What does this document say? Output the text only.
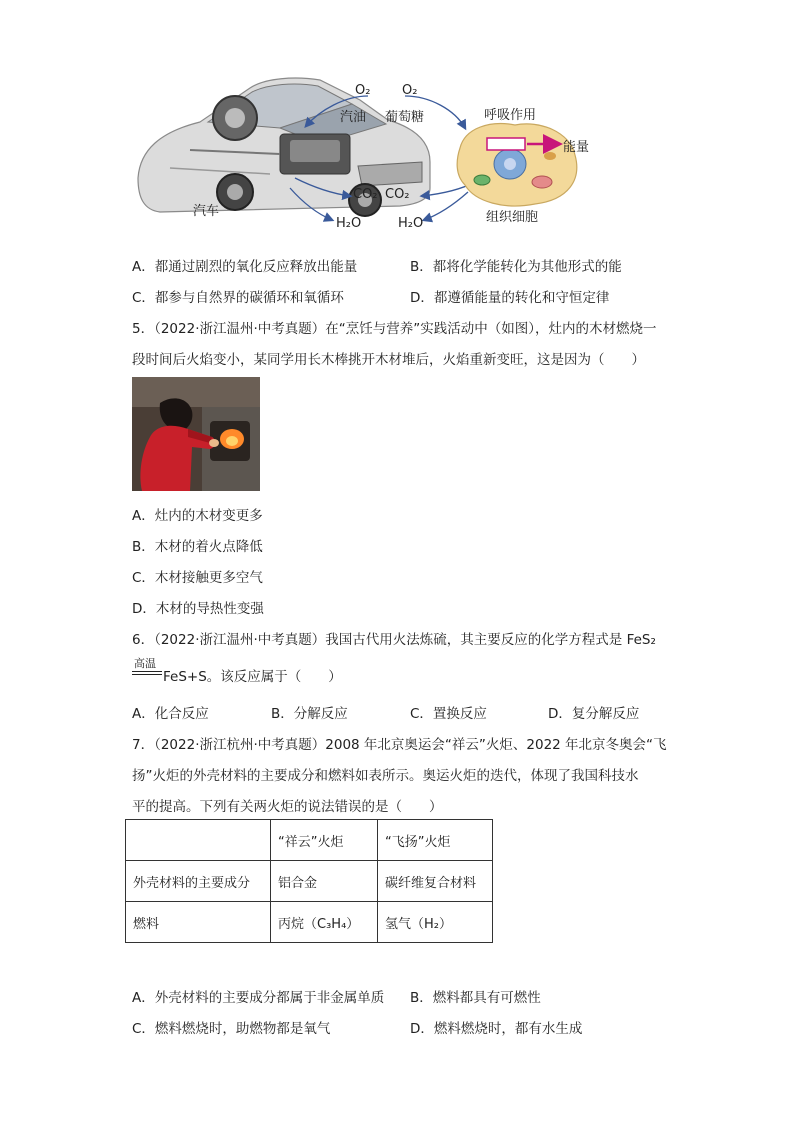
O₂ O₂
汽油 葡萄糖	呼吸作用
能量
CO₂ CO₂
H₂O	H₂O
汽车	组织细胞
A．都通过剧烈的氧化反应释放出能量	B．都将化学能转化为其他形式的能
C．都参与自然界的碳循环和氧循环	D．都遵循能量的转化和守恒定律
5．（2022·浙江温州·中考真题）在“烹饪与营养”实践活动中（如图），灶内的木材燃烧一
段时间后火焰变小，某同学用长木棒挑开木材堆后，火焰重新变旺，这是因为（　　）
A．灶内的木材变更多
B．木材的着火点降低
C．木材接触更多空气
D．木材的导热性变强
6．（2022·浙江温州·中考真题）我国古代用火法炼硫，其主要反应的化学方程式是 FeS₂
高温
FeS+S。该反应属于（　　）
A．化合反应	B．分解反应	C．置换反应	D．复分解反应
7．（2022·浙江杭州·中考真题）2008 年北京奥运会“祥云”火炬、2022 年北京冬奥会“飞
扬”火炬的外壳材料的主要成分和燃料如表所示。奥运火炬的迭代，体现了我国科技水
平的提高。下列有关两火炬的说法错误的是（　　）
	“祥云”火炬	“飞扬”火炬
外壳材料的主要成分	铝合金	碳纤维复合材料
燃料	丙烷（C₃H₄）	氢气（H₂）
A．外壳材料的主要成分都属于非金属单质 B．燃料都具有可燃性
C．燃料燃烧时，助燃物都是氧气	D．燃料燃烧时，都有水生成
